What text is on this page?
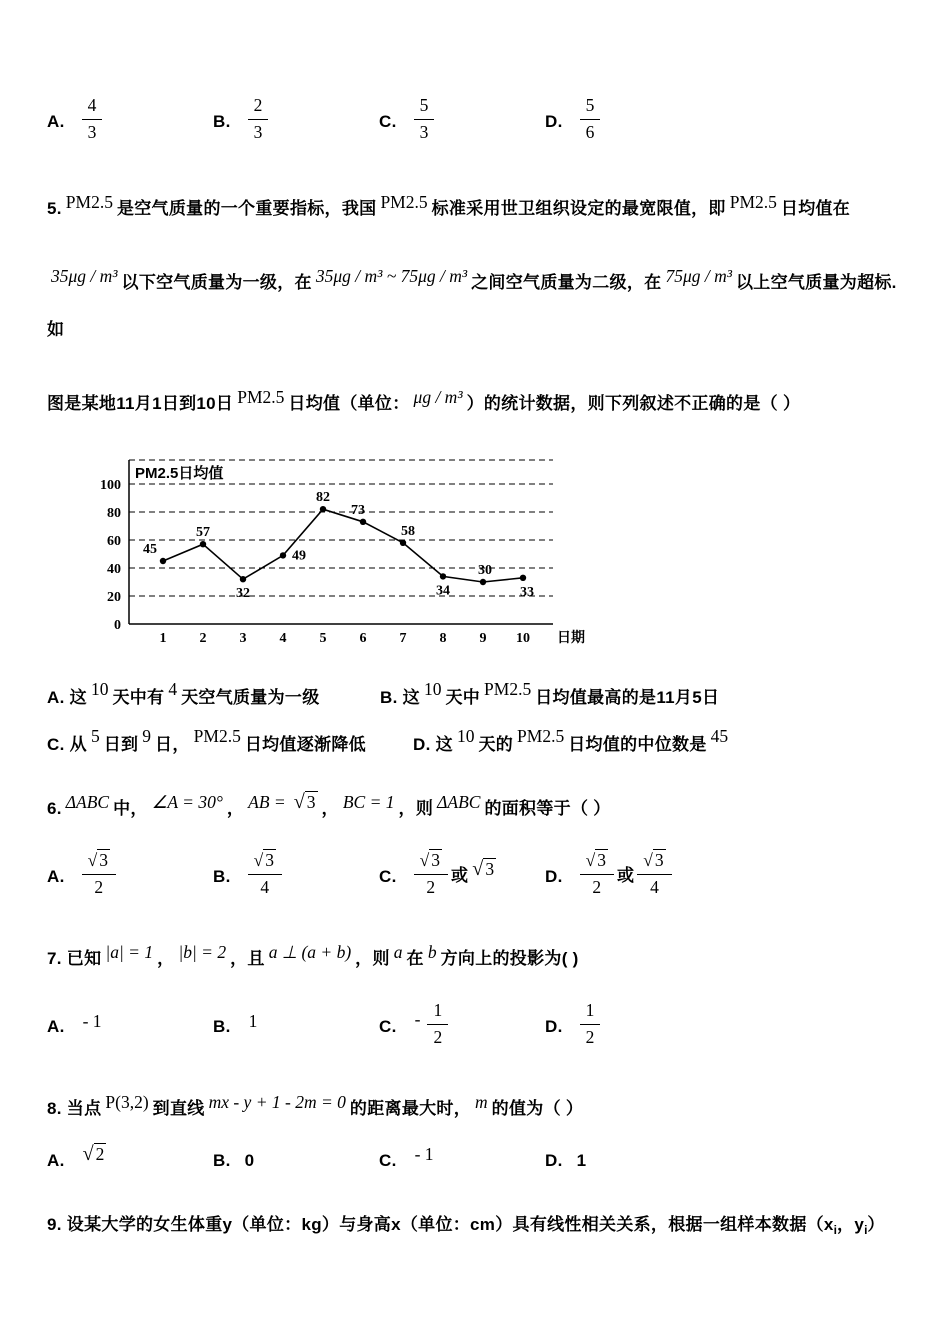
A. $\frac{4}{3}$	B. $\frac{2}{3}$	C. $\frac{5}{3}$	D. $\frac{5}{6}$
5. PM2.5 是空气质量的一个重要指标，我国 PM2.5 标准采用世卫组织设定的最宽限值，即 PM2.5 日均值在
35μg / m³ 以下空气质量为一级，在 35μg / m³ ~ 75μg / m³ 之间空气质量为二级，在 75μg / m³ 以上空气质量为超标.如
图是某地11月1日到10日 PM2.5 日均值（单位： μg / m³ ）的统计数据，则下列叙述不正确的是（ ）
0
20
40
60
80
100
PM2.5日均值
45
57
32
49
82
73
58
34
30
33
1 2 3 4 5 6 7 8 9 10 日期
A. 这 10 天中有 4 天空气质量为一级	B. 这 10 天中 PM2.5 日均值最高的是11月5日
C. 从 5 日到 9 日， PM2.5 日均值逐渐降低	D. 这 10 天的 PM2.5 日均值的中位数是 45
6. ΔABC 中， ∠A = 30° ， AB = √ 3 ， BC = 1 ，则 ΔABC 的面积等于（ ）
A. $\frac{√ 3}{2}$	B. $\frac{√ 3}{4}$	C. $\frac{√ 3}{2}$ 或 √ 3	D. $\frac{√ 3}{2}$ 或 $\frac{√ 3}{4}$
7. 已知 |a| = 1 ， |b| = 2 ，且 a ⊥ (a + b) ，则 a 在 b 方向上的投影为( )
A. - 1	B. 1	C. - $\frac{1}{2}$	D. $\frac{1}{2}$
8. 当点 P(3,2) 到直线 mx - y + 1 - 2m = 0 的距离最大时， m 的值为（ ）
A. √ 2	B. 0	C. - 1	D. 1
9. 设某大学的女生体重y（单位：kg）与身高x（单位：cm）具有线性相关关系，根据一组样本数据（$x_i$，$y_i$）
